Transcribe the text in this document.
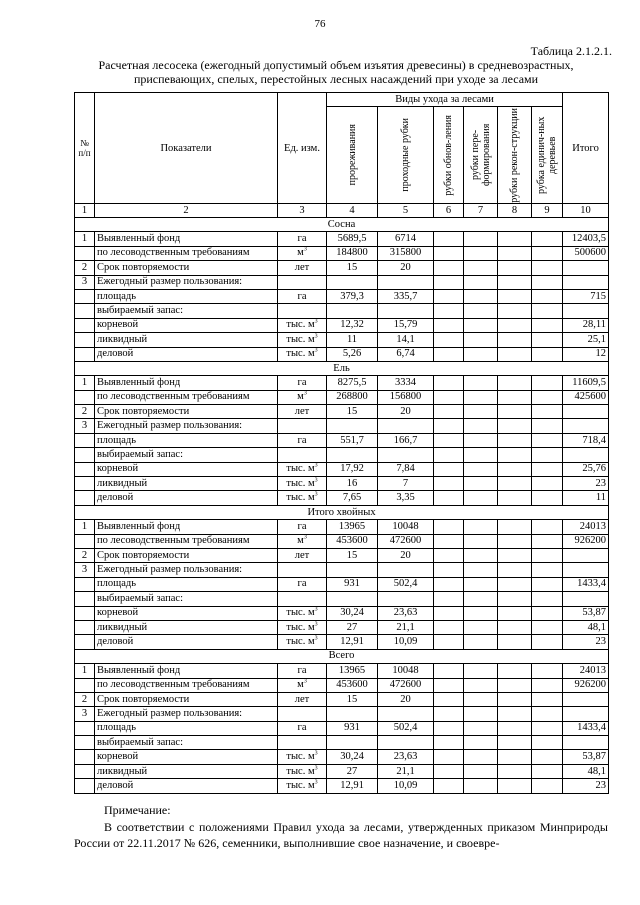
76
Таблица 2.1.2.1.
Расчетная лесосека (ежегодный допустимый объем изъятия древесины) в средневозрастных, приспевающих, спелых, перестойных лесных насаждений при уходе за лесами
№ п/п	Показатели	Ед. изм.	Виды ухода за лесами						Итого

			прореживания	проходные рубки	рубки обнов-ления	рубки пере-формирования	рубки рекон-струкции	рубка единич-ных деревьев	

1	2	3	4	5	6	7	8	9	10
Сосна									
1	Выявленный фонд	га	5689,5	6714					12403,5
	по лесоводственным требованиям	$м^3$	184800	315800					500600
2	Срок повторяемости	лет	15	20					
3	Ежегодный размер пользования:								
	площадь	га	379,3	335,7					715
	выбираемый запас:								
	корневой	тыс. $м^3$	12,32	15,79					28,11
	ликвидный	тыс. $м^3$	11	14,1					25,1
	деловой	тыс. $м^3$	5,26	6,74					12
Ель									
1	Выявленный фонд	га	8275,5	3334					11609,5
	по лесоводственным требованиям	$м^3$	268800	156800					425600
2	Срок повторяемости	лет	15	20					
3	Ежегодный размер пользования:								
	площадь	га	551,7	166,7					718,4
	выбираемый запас:								
	корневой	тыс. $м^3$	17,92	7,84					25,76
	ликвидный	тыс. $м^3$	16	7					23
	деловой	тыс. $м^3$	7,65	3,35					11
Итого хвойных									
1	Выявленный фонд	га	13965	10048					24013
	по лесоводственным требованиям	$м^3$	453600	472600					926200
2	Срок повторяемости	лет	15	20					
3	Ежегодный размер пользования:								
	площадь	га	931	502,4					1433,4
	выбираемый запас:								
	корневой	тыс. $м^3$	30,24	23,63					53,87
	ликвидный	тыс. $м^3$	27	21,1					48,1
	деловой	тыс. $м^3$	12,91	10,09					23
Всего									
1	Выявленный фонд	га	13965	10048					24013
	по лесоводственным требованиям	$м^3$	453600	472600					926200
2	Срок повторяемости	лет	15	20					
3	Ежегодный размер пользования:								
	площадь	га	931	502,4					1433,4
	выбираемый запас:								
	корневой	тыс. $м^3$	30,24	23,63					53,87
	ликвидный	тыс. $м^3$	27	21,1					48,1
	деловой	тыс. $м^3$	12,91	10,09					23
Примечание:
В соответствии с положениями Правил ухода за лесами, утвержденных приказом Минприроды России от 22.11.2017 № 626, семенники, выполнившие свое назначение, и своевре-
